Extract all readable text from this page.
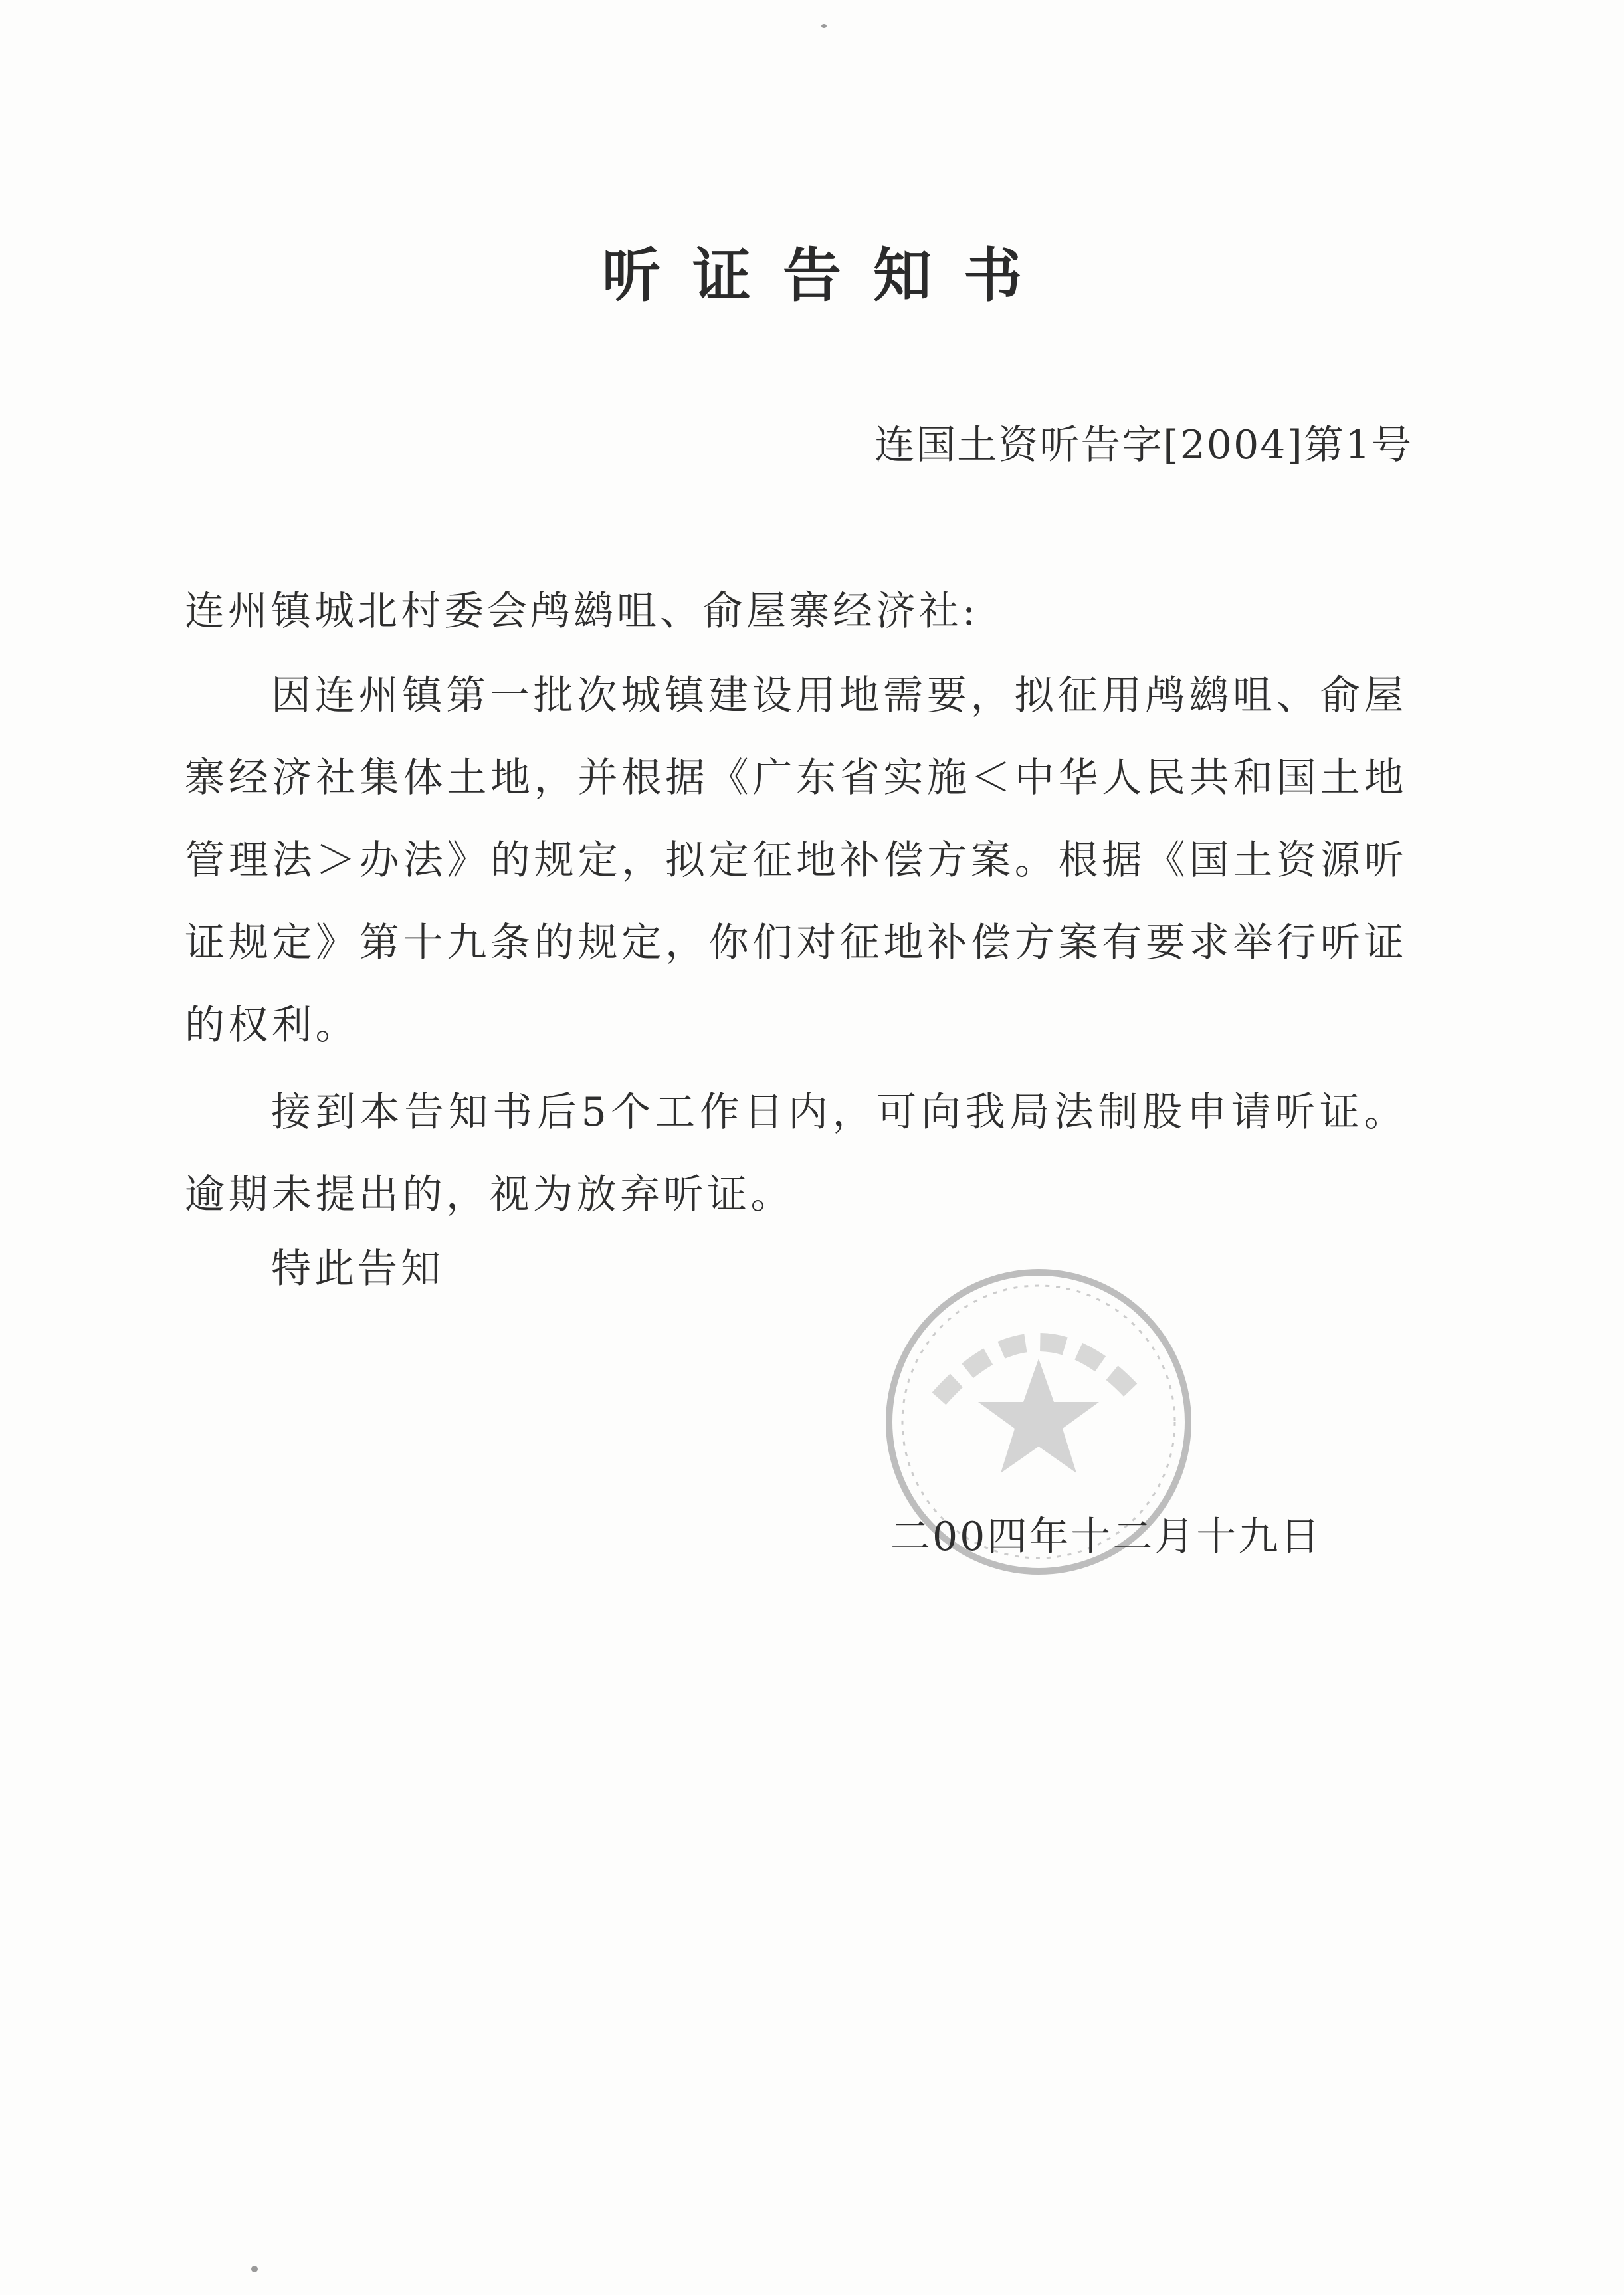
听证告知书
连国土资听告字[2004]第1号
连州镇城北村委会鸬鹚咀、俞屋寨经济社:

因连州镇第一批次城镇建设用地需要，拟征用鸬鹚咀、俞屋寨经济社集体土地，并根据《广东省实施＜中华人民共和国土地管理法＞办法》的规定，拟定征地补偿方案。根据《国土资源听证规定》第十九条的规定，你们对征地补偿方案有要求举行听证的权利。

接到本告知书后5个工作日内，可向我局法制股申请听证。逾期未提出的，视为放弃听证。

特此告知
二00四年十二月十九日
